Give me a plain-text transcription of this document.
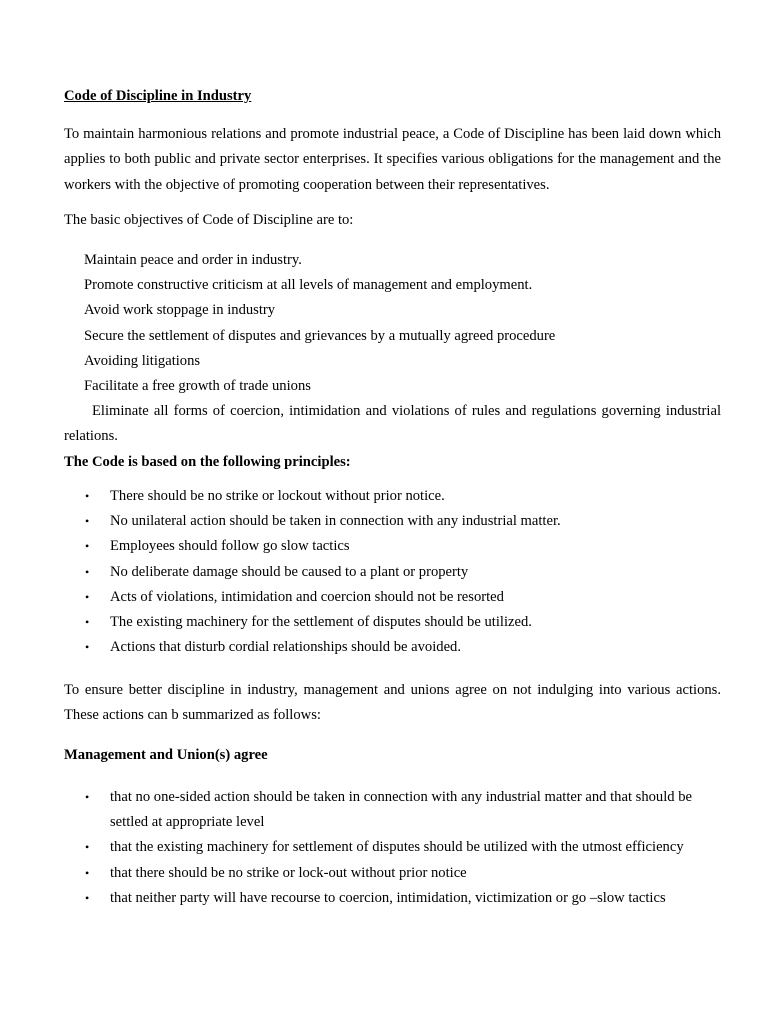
Code of Discipline in Industry

To maintain harmonious relations and promote industrial peace, a Code of Discipline has been laid down which applies to both public and private sector enterprises. It specifies various obligations for the management and the workers with the objective of promoting cooperation between their representatives.

The basic objectives of Code of Discipline are to:

Maintain peace and order in industry.
Promote constructive criticism at all levels of management and employment.
Avoid work stoppage in industry
Secure the settlement of disputes and grievances by a mutually agreed procedure
Avoiding litigations
Facilitate a free growth of trade unions

Eliminate all forms of coercion, intimidation and violations of rules and regulations governing industrial relations.

The Code is based on the following principles:
• There should be no strike or lockout without prior notice.
• No unilateral action should be taken in connection with any industrial matter.
• Employees should follow go slow tactics
• No deliberate damage should be caused to a plant or property
• Acts of violations, intimidation and coercion should not be resorted
• The existing machinery for the settlement of disputes should be utilized.
• Actions that disturb cordial relationships should be avoided.

To ensure better discipline in industry, management and unions agree on not indulging into various actions. These actions can b summarized as follows:

Management and Union(s) agree
• that no one-sided action should be taken in connection with any industrial matter and that should be settled at appropriate level
• that the existing machinery for settlement of disputes should be utilized with the utmost efficiency
• that there should be no strike or lock-out without prior notice
• that neither party will have recourse to coercion, intimidation, victimization or go –slow tactics
